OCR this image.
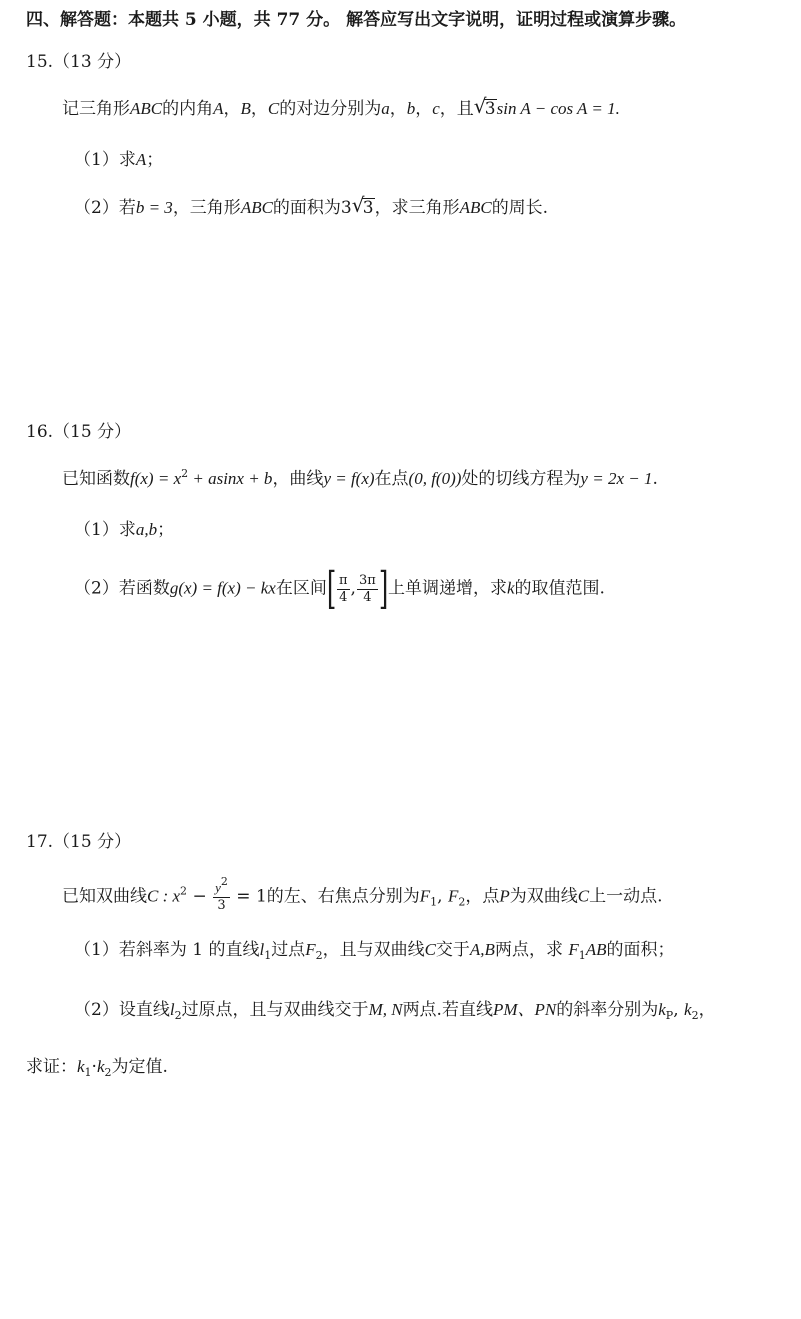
四、解答题：本题共 5 小题，共 77 分。 解答应写出文字说明，证明过程或演算步骤。
15.（13 分）
记三角形ABC的内角A，B，C的对边分别为a，b，c，且 √
3sin A − cos A = 1.
（1）求A；
（2）若b = 3，三角形ABC的面积为3 √
3，求三角形ABC的周长.
16.（15 分）
已知函数$f(x) = x^2 + asinx + b$，曲线y = f(x)在点(0, f(0))处的切线方程为y = 2x − 1.
（1）求a,b；
（2）若函数g(x) = f(x) − kx在区间[ $\frac{\pi}{4}$ , $\frac{3\pi}{4}$ ]上单调递增，求k的取值范围.
17.（15 分）
已知双曲线C : $x^2 - \frac{y^2}{3} = 1$的左、右焦点分别为$F_1$, $F_2$，点P为双曲线C上一动点.
（1）若斜率为 1 的直线$l_1$过点$F_2$，且与双曲线C交于A,B两点，求 $F_1AB$的面积；
（2）设直线$l_2$过原点，且与双曲线交于M, N两点.若直线PM、PN的斜率分别为$k_P$, $k_2$，
求证：$k_1\cdot k_2$为定值.
